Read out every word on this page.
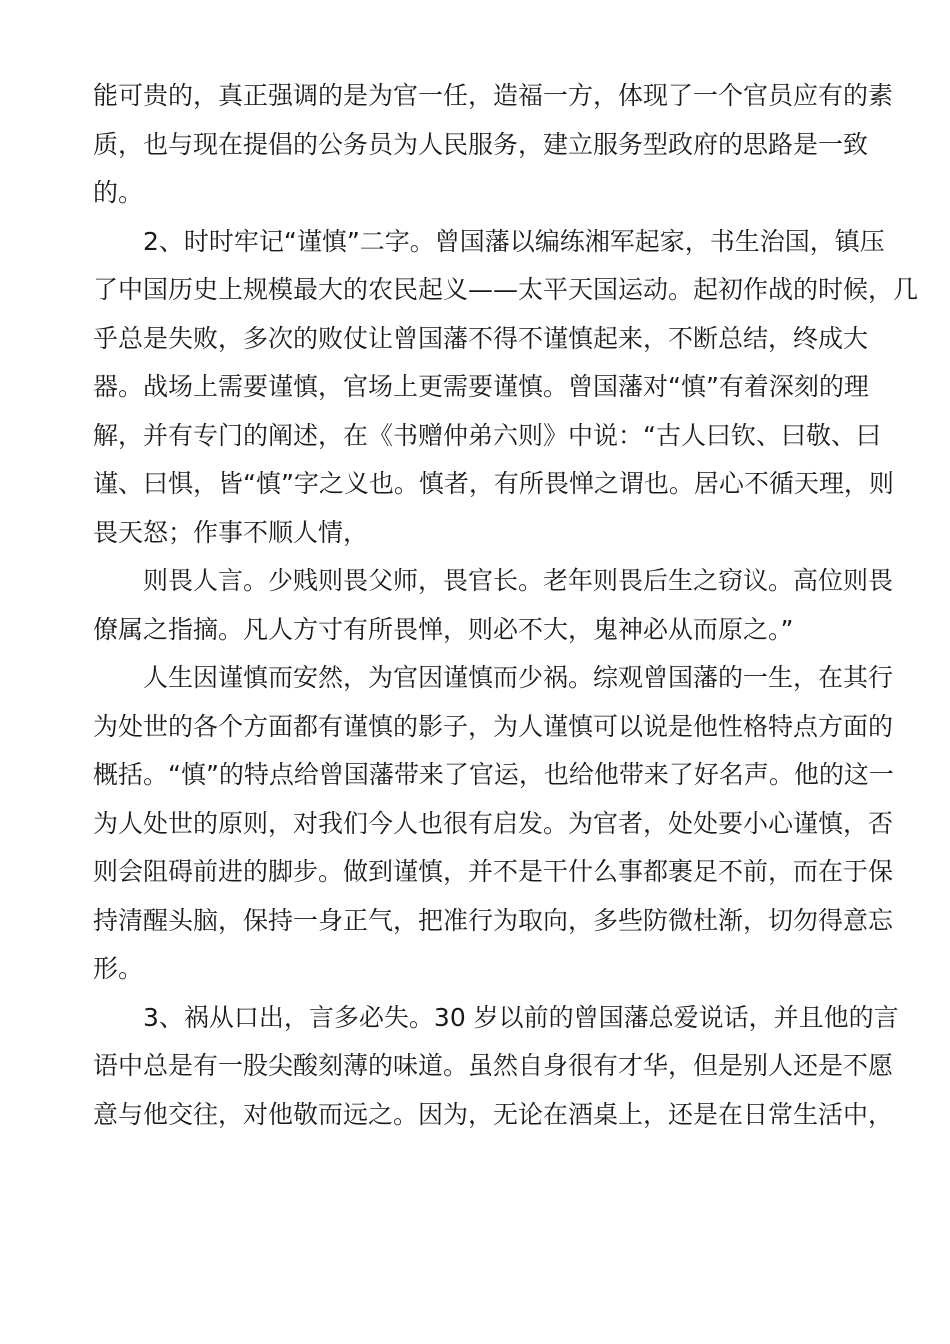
能可贵的，真正强调的是为官一任，造福一方，体现了一个官员应有的素
质，也与现在提倡的公务员为人民服务，建立服务型政府的思路是一致
的。
2、时时牢记“谨慎”二字。曾国藩以编练湘军起家，书生治国，镇压
了中国历史上规模最大的农民起义——太平天国运动。起初作战的时候，几
乎总是失败，多次的败仗让曾国藩不得不谨慎起来，不断总结，终成大
器。战场上需要谨慎，官场上更需要谨慎。曾国藩对“慎”有着深刻的理
解，并有专门的阐述，在《书赠仲弟六则》中说：“古人曰钦、曰敬、曰
谨、曰惧，皆“慎”字之义也。慎者，有所畏惮之谓也。居心不循天理，则
畏天怒；作事不顺人情，
则畏人言。少贱则畏父师，畏官长。老年则畏后生之窃议。高位则畏
僚属之指摘。凡人方寸有所畏惮，则必不大，鬼神必从而原之。”
人生因谨慎而安然，为官因谨慎而少祸。综观曾国藩的一生，在其行
为处世的各个方面都有谨慎的影子，为人谨慎可以说是他性格特点方面的
概括。“慎”的特点给曾国藩带来了官运，也给他带来了好名声。他的这一
为人处世的原则，对我们今人也很有启发。为官者，处处要小心谨慎，否
则会阻碍前进的脚步。做到谨慎，并不是干什么事都裹足不前，而在于保
持清醒头脑，保持一身正气，把准行为取向，多些防微杜渐，切勿得意忘
形。
3、祸从口出，言多必失。30 岁以前的曾国藩总爱说话，并且他的言
语中总是有一股尖酸刻薄的味道。虽然自身很有才华，但是别人还是不愿
意与他交往，对他敬而远之。因为，无论在酒桌上，还是在日常生活中，
